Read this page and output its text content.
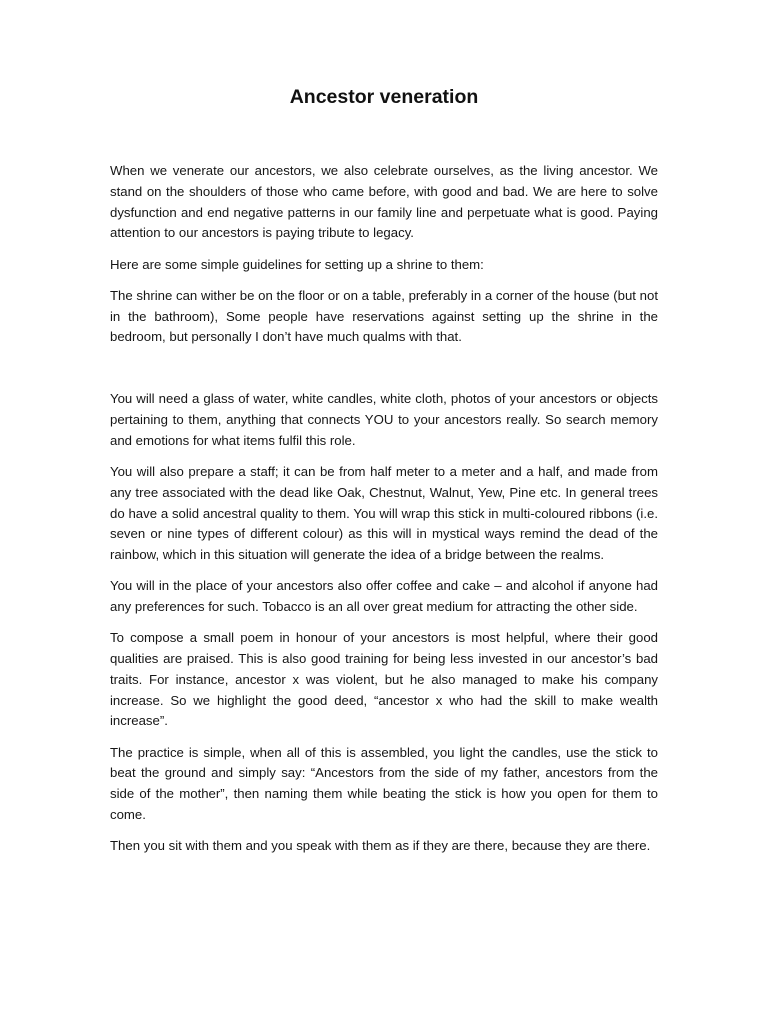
Ancestor veneration

When we venerate our ancestors, we also celebrate ourselves, as the living ancestor. We stand on the shoulders of those who came before, with good and bad. We are here to solve dysfunction and end negative patterns in our family line and perpetuate what is good. Paying attention to our ancestors is paying tribute to legacy.

Here are some simple guidelines for setting up a shrine to them:

The shrine can wither be on the floor or on a table, preferably in a corner of the house (but not in the bathroom), Some people have reservations against setting up the shrine in the bedroom, but personally I don’t have much qualms with that.

You will need a glass of water, white candles, white cloth, photos of your ancestors or objects pertaining to them, anything that connects YOU to your ancestors really. So search memory and emotions for what items fulfil this role.

You will also prepare a staff; it can be from half meter to a meter and a half, and made from any tree associated with the dead like Oak, Chestnut, Walnut, Yew, Pine etc. In general trees do have a solid ancestral quality to them. You will wrap this stick in multi-coloured ribbons (i.e. seven or nine types of different colour) as this will in mystical ways remind the dead of the rainbow, which in this situation will generate the idea of a bridge between the realms.

You will in the place of your ancestors also offer coffee and cake – and alcohol if anyone had any preferences for such. Tobacco is an all over great medium for attracting the other side.

To compose a small poem in honour of your ancestors is most helpful, where their good qualities are praised. This is also good training for being less invested in our ancestor’s bad traits. For instance, ancestor x was violent, but he also managed to make his company increase. So we highlight the good deed, “ancestor x who had the skill to make wealth increase”.

The practice is simple, when all of this is assembled, you light the candles, use the stick to beat the ground and simply say: “Ancestors from the side of my father, ancestors from the side of the mother”, then naming them while beating the stick is how you open for them to come.

Then you sit with them and you speak with them as if they are there, because they are there.
